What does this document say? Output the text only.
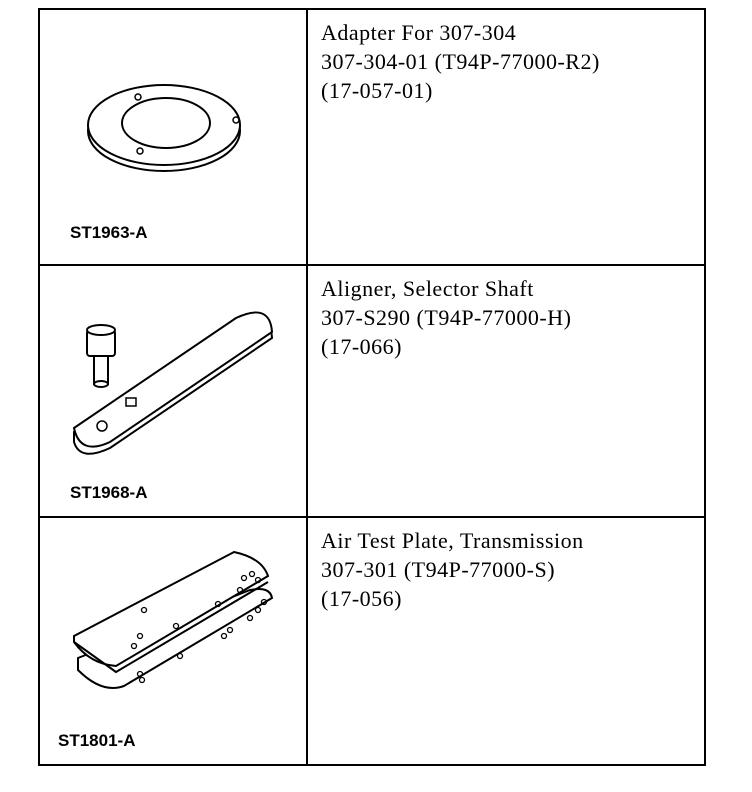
ST1963-A
Adapter For 307-304
307-304-01 (T94P-77000-R2)
(17-057-01)
ST1968-A
Aligner, Selector Shaft
307-S290 (T94P-77000-H)
(17-066)
ST1801-A
Air Test Plate, Transmission
307-301 (T94P-77000-S)
(17-056)
